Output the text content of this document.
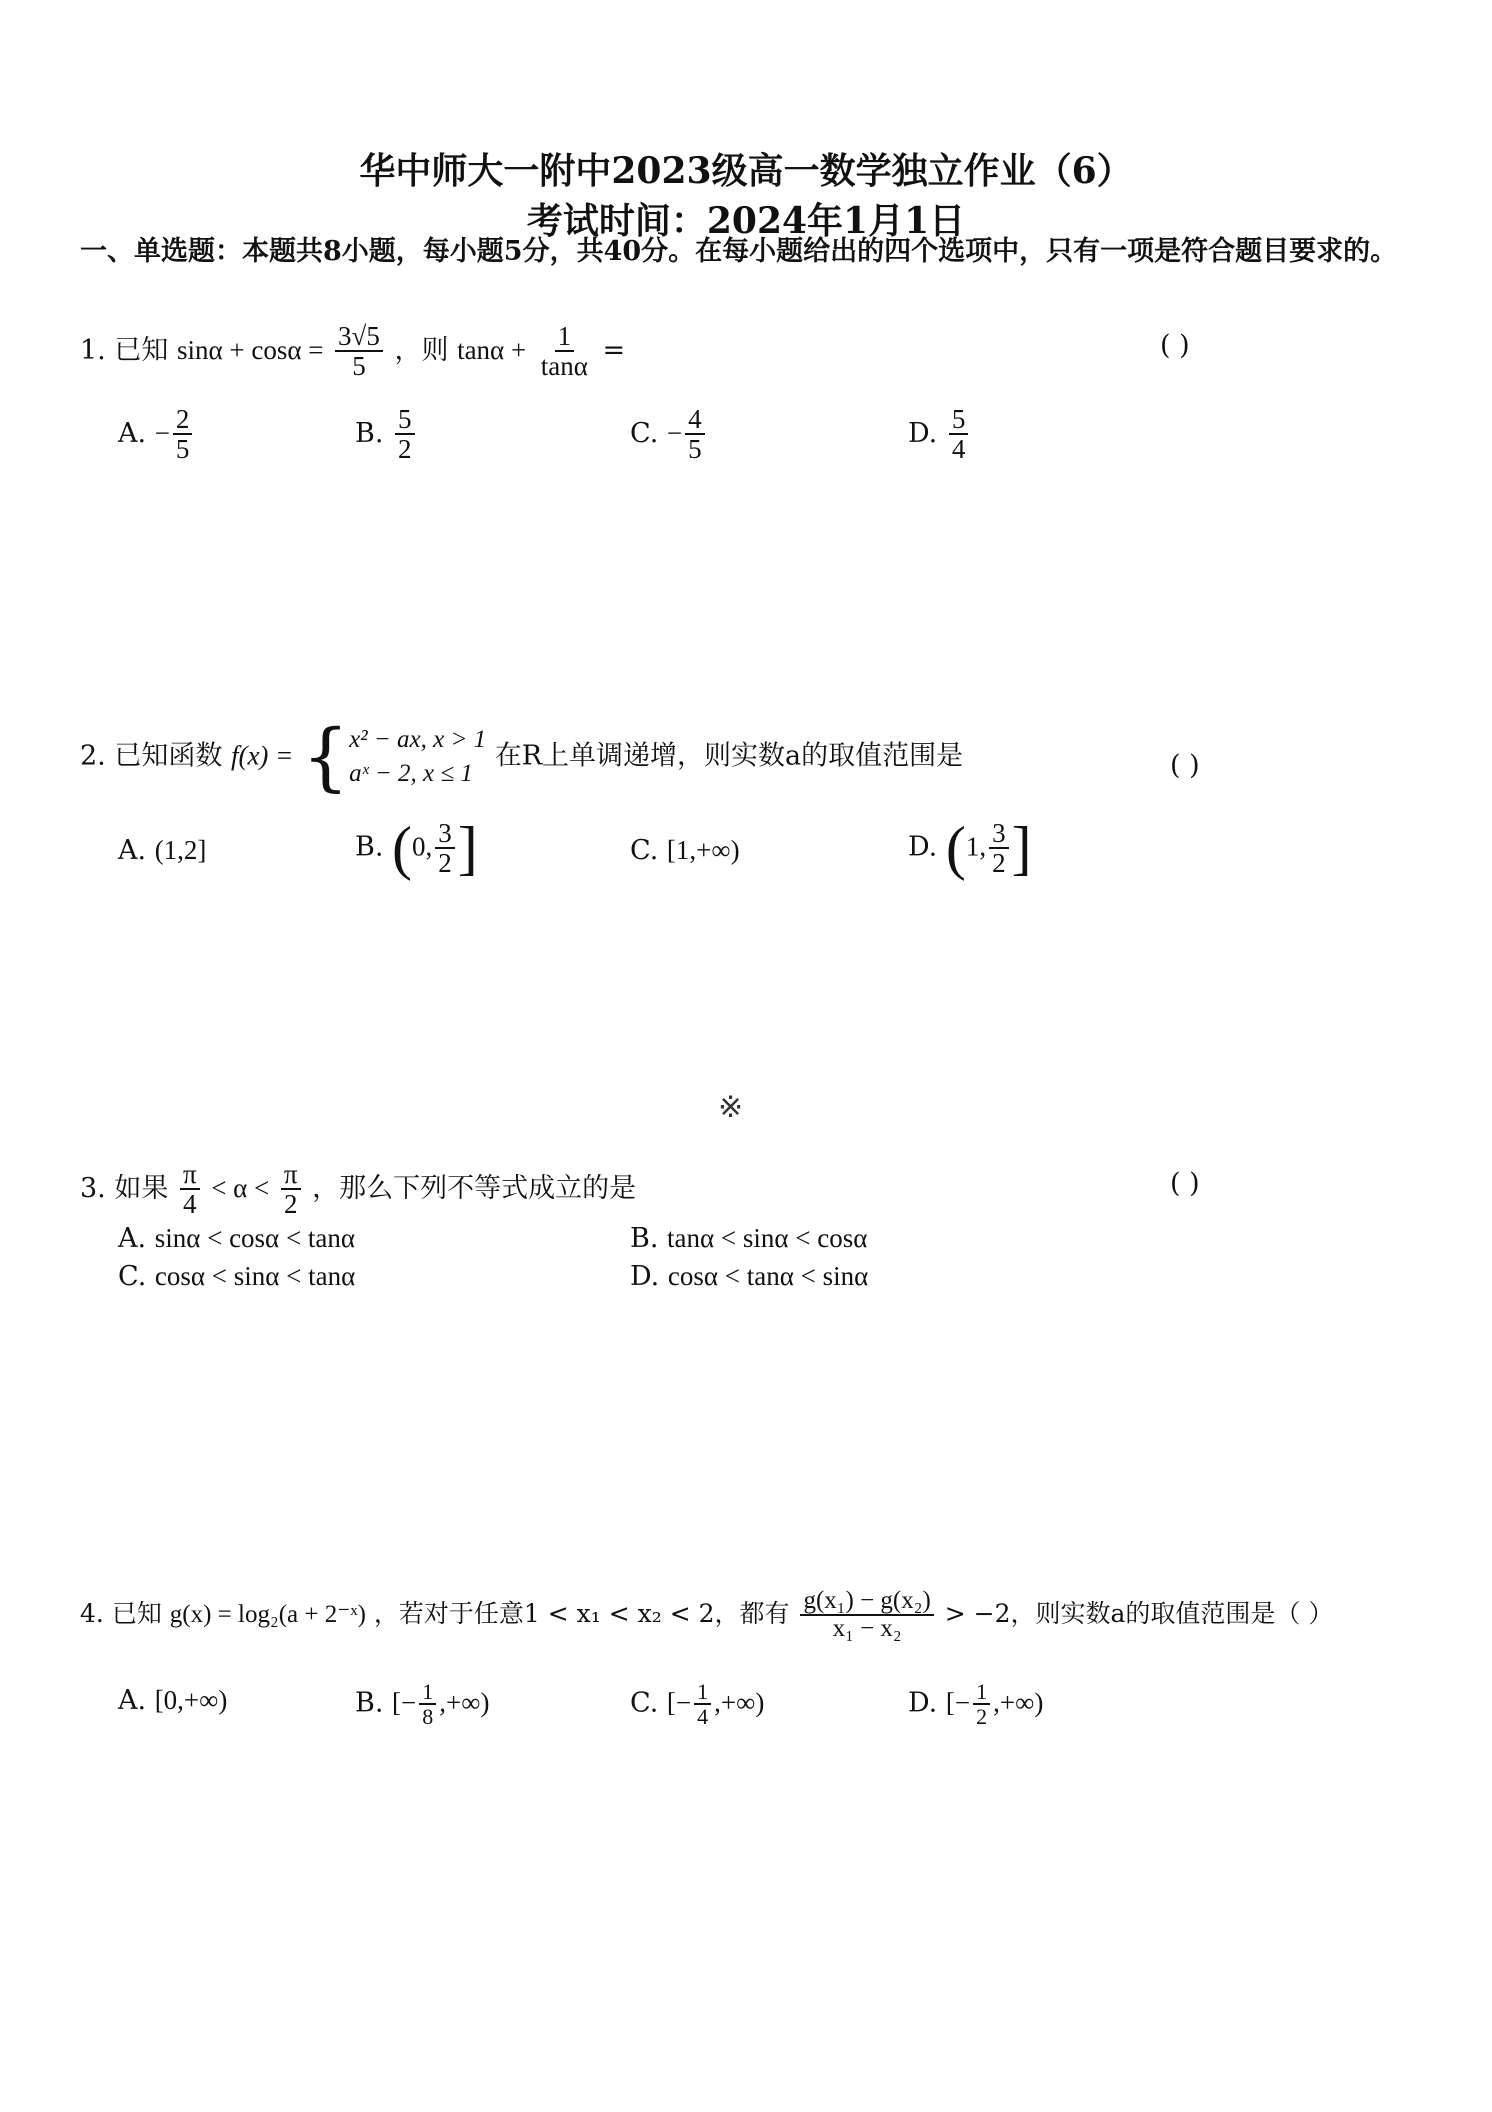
华中师大一附中2023级高一数学独立作业（6）
考试时间：2024年1月1日
一、单选题：本题共8小题，每小题5分，共40分。在每小题给出的四个选项中，只有一项是符合题目要求的。
1. 已知 $\sin\alpha + \cos\alpha = \frac{3√5}{5}$ ，则 $\tan\alpha + \frac{1}{\tan\alpha}$ =	( )
A. − $\frac{2}{5}$	B. $\frac{5}{2}$	C. − $\frac{4}{5}$	D. $\frac{5}{4}$
2. 已知函数 f(x) = { x² − ax, x > 1
aˣ − 2, x ≤ 1
在R上单调递增，则实数a的取值范围是	( )
A. (1,2]	B. (0, $\frac{3}{2}$ ]	C. [1,+∞)	D. (1, $\frac{3}{2}$ ]
※
3. 如果 $\frac{\pi}{4} < \alpha < \frac{\pi}{2}$ ，那么下列不等式成立的是	( )
A. sinα < cosα < tanα	B. tanα < sinα < cosα
C. cosα < sinα < tanα	D. cosα < tanα < sinα
4. 已知 g(x) = log₂(a + 2⁻ˣ) ，若对于任意1 < x₁ < x₂ < 2，都有 $\frac{\text{g(x₁) − g(x₂)}}{\text{x₁ − x₂}} > -2$，则实数a的取值范围是（ ）
A. [0,+∞)	B. [− $\frac{1}{8}$ ,+∞)	C. [− $\frac{1}{4}$ ,+∞)	D. [− $\frac{1}{2}$ ,+∞)
